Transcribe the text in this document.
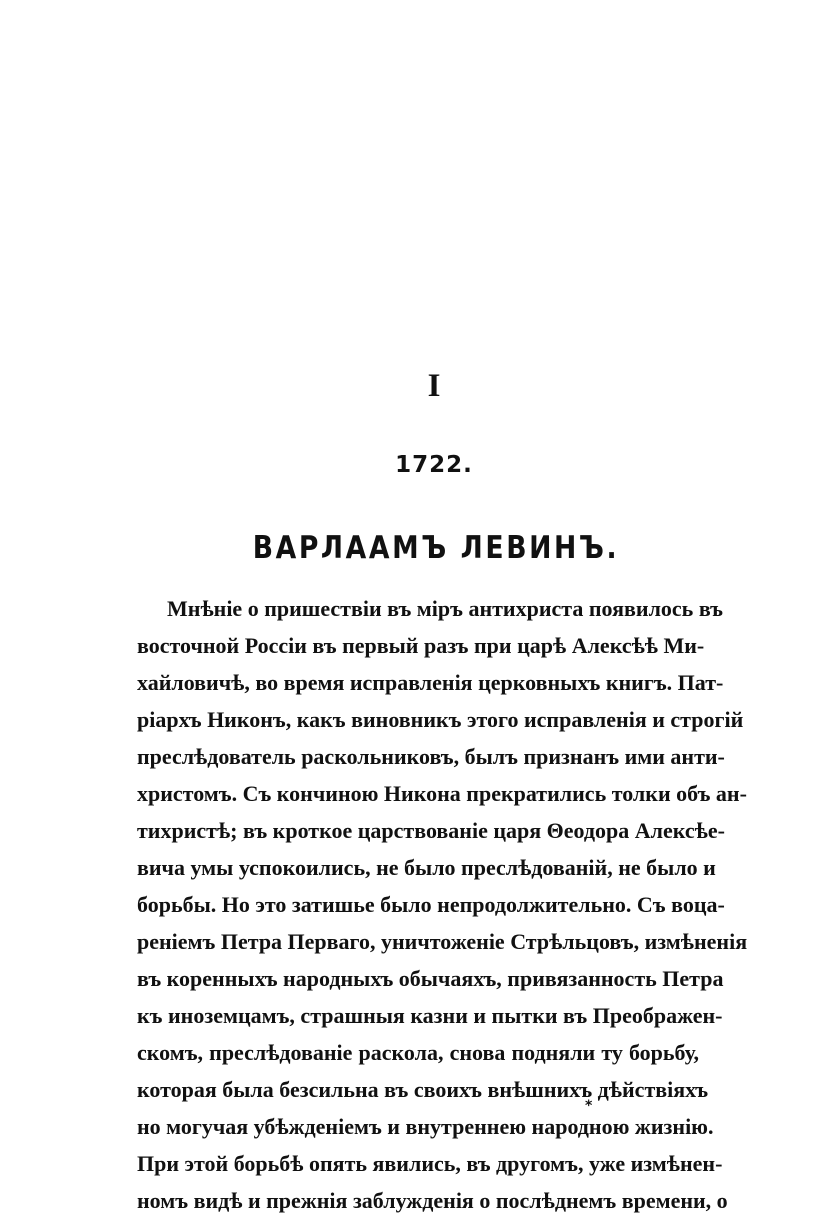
I
1722.
ВАРЛААМЪ ЛЕВИНЪ.
Мнѣніе о пришествіи въ міръ антихриста появилось въ
восточной Россіи въ первый разъ при царѣ Алексѣѣ Ми-
хайловичѣ, во время исправленія церковныхъ книгъ. Пат-
ріархъ Никонъ, какъ виновникъ этого исправленія и строгій
преслѣдователь раскольниковъ, былъ признанъ ими анти-
христомъ. Съ кончиною Никона прекратились толки объ ан-
тихристѣ; въ кроткое царствованіе царя Θеодора Алексѣе-
вича умы успокоились, не было преслѣдованій, не было и
борьбы. Но это затишье было непродолжительно. Съ воца-
реніемъ Петра Перваго, уничтоженіе Стрѣльцовъ, измѣненія
въ коренныхъ народныхъ обычаяхъ, привязанность Петра
къ иноземцамъ, страшныя казни и пытки въ Преображен-
скомъ, преслѣдованіе раскола, снова подняли ту борьбу,
которая была безсильна въ своихъ внѣшнихъ дѣйствіяхъ
но могучая убѣжденіемъ и внутреннею народною жизнію.
При этой борьбѣ опять явились, въ другомъ, уже измѣнен-
номъ видѣ и прежнія заблужденія о послѣднемъ времени, о
*
